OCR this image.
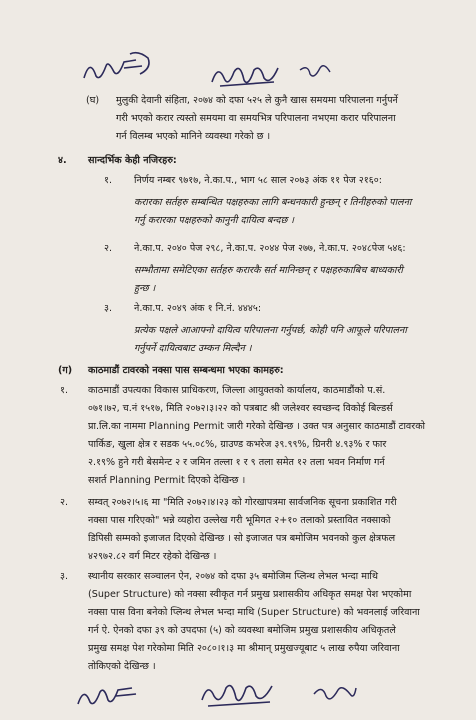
(घ) मुलुकी देवानी संहिता, २०७४ को दफा ५२५ ले कुनै खास समयमा परिपालना गर्नुपर्ने
गरी भएको करार त्यस्तो समयमा वा समयभित्र परिपालना नभएमा करार परिपालना
गर्न विलम्ब भएको मानिने व्यवस्था गरेको छ ।
४. सान्दर्भिक केही नजिरहरु:
१. निर्णय नम्बर ९७१७, ने.का.प., भाग ५८ साल २०७३ अंक ११ पेज २१६०:
करारका सर्तहरु सम्बन्धित पक्षहरुका लागि बन्धनकारी हुन्छन् र तिनीहरुको पालना
गर्नु करारका पक्षहरुको कानुनी दायित्व बन्दछ ।
२. ने.का.प. २०४० पेज २९८, ने.का.प. २०४४ पेज २७७, ने.का.प. २०४८पेज ५४६:
सम्भौतामा समेटिएका सर्तहरु करारकै सर्त मानिन्छन् र पक्षहरुकाबिच बाध्यकारी
हुन्छ ।
३. ने.का.प. २०४९ अंक १ नि.नं. ४४४५:
प्रत्येक पक्षले आआफ्नो दायित्व परिपालना गर्नुपर्छ, कोही पनि आफूले परिपालना
गर्नुपर्ने दायित्वबाट उम्कन मिल्दैन ।
(ग) काठमाडौं टावरको नक्सा पास सम्बन्धमा भएका कामहरु:
१. काठमाडौं उपत्यका विकास प्राधिकरण, जिल्ला आयुक्तको कार्यालय, काठमाडौंको प.सं.
०७१।७२, च.नं १५१७, मिति २०७२।३।२२ को पत्रबाट श्री जलेश्वर स्वच्छन्द विकोई बिल्डर्स
प्रा.लि.का नाममा Planning Permit जारी गरेको देखिन्छ । उक्त पत्र अनुसार काठमाडौं टावरको
पार्किङ, खुला क्षेत्र र सडक ५५.०८%, ग्राउण्ड कभरेज ३९.९९%, ग्रिनरी ४.९३% र फार
२.१९% हुने गरी बेसमेन्ट २ र जमिन तल्ला १ र ९ तला समेत १२ तला भवन निर्माण गर्न
सशर्त Planning Permit दिएको देखिन्छ ।
२. सम्वत् २०७२।५।६ मा "मिति २०७२।४।२३ को गोरखापत्रमा सार्वजनिक सूचना प्रकाशित गरी
नक्सा पास गरिएको" भन्ने व्यहोरा उल्लेख गरी भूमिगत २+१० तलाको प्रस्तावित नक्साको
डिपिसी सम्मको इजाजत दिएको देखिन्छ । सो इजाजत पत्र बमोजिम भवनको कुल क्षेत्रफल
४२९७२.८२ वर्ग मिटर रहेको देखिन्छ ।
३. स्थानीय सरकार सञ्चालन ऐन, २०७४ को दफा ३५ बमोजिम प्लिन्थ लेभल भन्दा माथि
(Super Structure) को नक्सा स्वीकृत गर्न प्रमुख प्रशासकीय अधिकृत समक्ष पेश भएकोमा
नक्सा पास विना बनेको प्लिन्थ लेभल भन्दा माथि (Super Structure) को भवनलाई जरिवाना
गर्न ऐ. ऐनको दफा ३९ को उपदफा (५) को व्यवस्था बमोजिम प्रमुख प्रशासकीय अधिकृतले
प्रमुख समक्ष पेश गरेकोमा मिति २०८०।१।३ मा श्रीमान् प्रमुखज्यूबाट ५ लाख रुपैया जरिवाना
तोकिएको देखिन्छ ।
